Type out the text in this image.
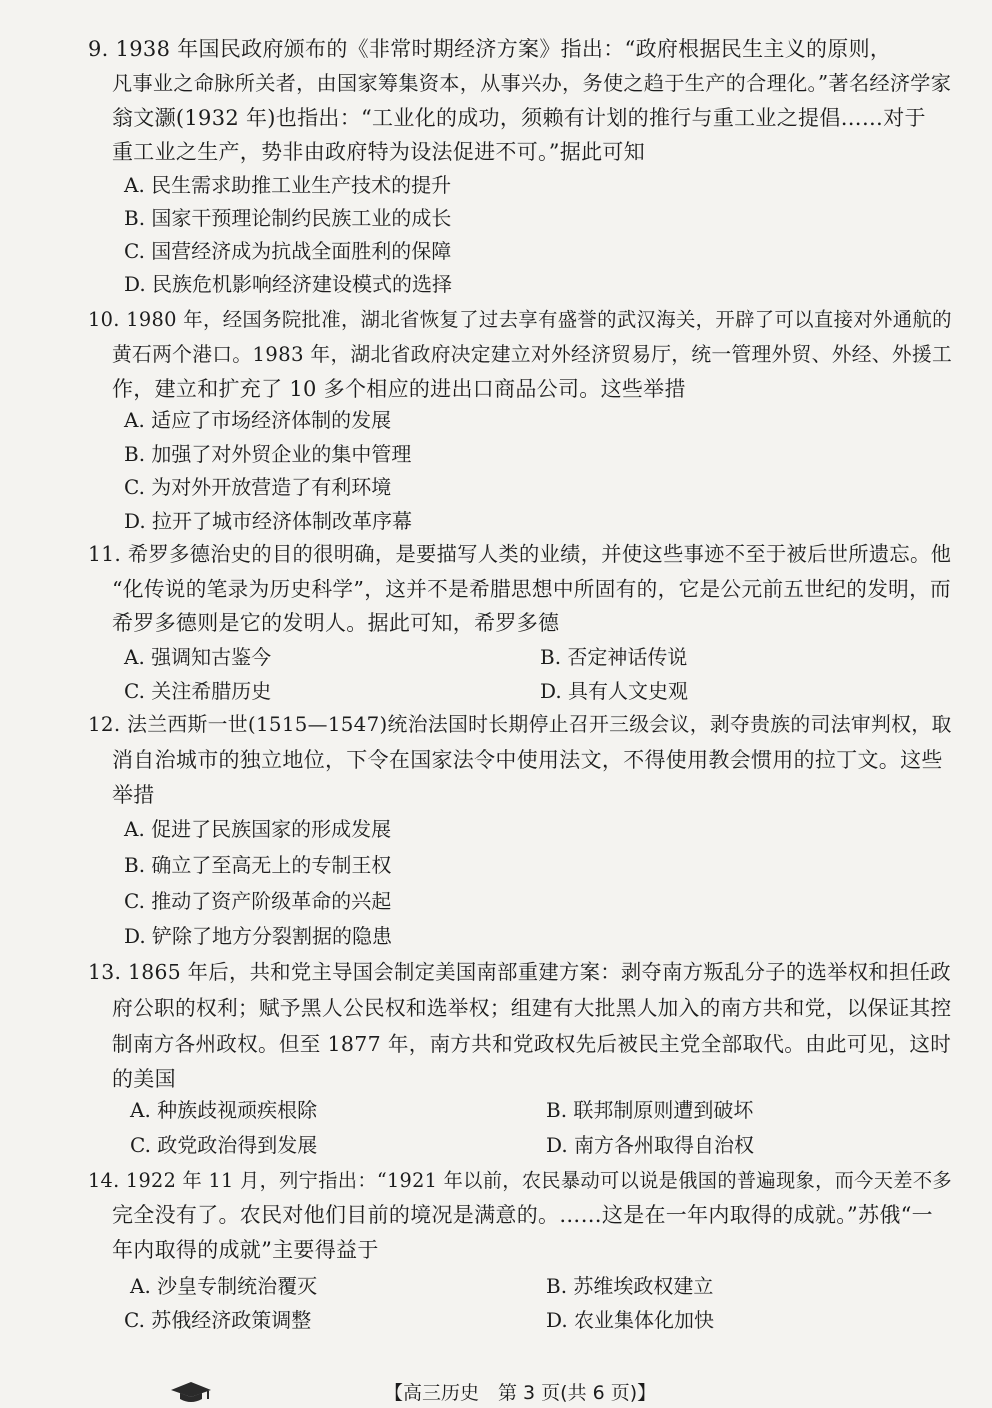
9. 1938 年国民政府颁布的《非常时期经济方案》指出：“政府根据民生主义的原则，
凡事业之命脉所关者，由国家筹集资本，从事兴办，务使之趋于生产的合理化。”著名经济学家
翁文灏(1932 年)也指出：“工业化的成功，须赖有计划的推行与重工业之提倡……对于
重工业之生产，势非由政府特为设法促进不可。”据此可知
A. 民生需求助推工业生产技术的提升
B. 国家干预理论制约民族工业的成长
C. 国营经济成为抗战全面胜利的保障
D. 民族危机影响经济建设模式的选择
10. 1980 年，经国务院批准，湖北省恢复了过去享有盛誉的武汉海关，开辟了可以直接对外通航的
黄石两个港口。1983 年，湖北省政府决定建立对外经济贸易厅，统一管理外贸、外经、外援工
作，建立和扩充了 10 多个相应的进出口商品公司。这些举措
A. 适应了市场经济体制的发展
B. 加强了对外贸企业的集中管理
C. 为对外开放营造了有利环境
D. 拉开了城市经济体制改革序幕
11. 希罗多德治史的目的很明确，是要描写人类的业绩，并使这些事迹不至于被后世所遗忘。他
“化传说的笔录为历史科学”，这并不是希腊思想中所固有的，它是公元前五世纪的发明，而
希罗多德则是它的发明人。据此可知，希罗多德
A. 强调知古鉴今	B. 否定神话传说
C. 关注希腊历史	D. 具有人文史观
12. 法兰西斯一世(1515—1547)统治法国时长期停止召开三级会议，剥夺贵族的司法审判权，取
消自治城市的独立地位，下令在国家法令中使用法文，不得使用教会惯用的拉丁文。这些
举措
A. 促进了民族国家的形成发展
B. 确立了至高无上的专制王权
C. 推动了资产阶级革命的兴起
D. 铲除了地方分裂割据的隐患
13. 1865 年后，共和党主导国会制定美国南部重建方案：剥夺南方叛乱分子的选举权和担任政
府公职的权利；赋予黑人公民权和选举权；组建有大批黑人加入的南方共和党，以保证其控
制南方各州政权。但至 1877 年，南方共和党政权先后被民主党全部取代。由此可见，这时
的美国
A. 种族歧视顽疾根除	B. 联邦制原则遭到破坏
C. 政党政治得到发展	D. 南方各州取得自治权
14. 1922 年 11 月，列宁指出：“1921 年以前，农民暴动可以说是俄国的普遍现象，而今天差不多
完全没有了。农民对他们目前的境况是满意的。……这是在一年内取得的成就。”苏俄“一
年内取得的成就”主要得益于
A. 沙皇专制统治覆灭	B. 苏维埃政权建立
C. 苏俄经济政策调整	D. 农业集体化加快
【高三历史　第 3 页(共 6 页)】
